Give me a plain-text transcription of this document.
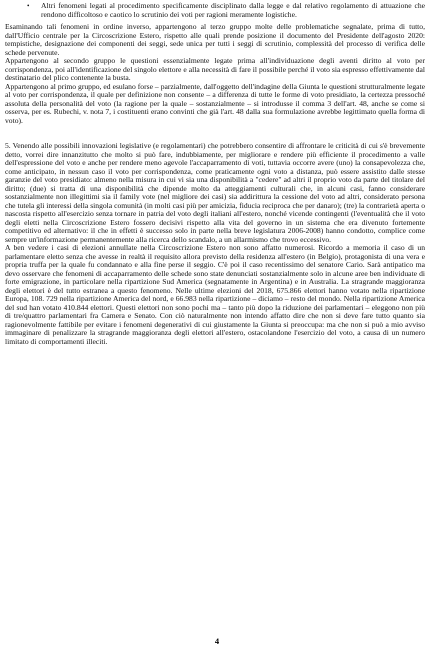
•	Altri fenomeni legati al procedimento specificamente disciplinato dalla legge e dal relativo regolamento di attuazione che rendono difficoltoso e caotico lo scrutinio dei voti per ragioni meramente logistiche.

Esaminando tali fenomeni in ordine inverso, appartengono al terzo gruppo molte delle problematiche segnalate, prima di tutto, dall'Ufficio centrale per la Circoscrizione Estero, rispetto alle quali prende posizione il documento del Presidente dell'agosto 2020: tempistiche, designazione dei componenti dei seggi, sede unica per tutti i seggi di scrutinio, complessità del processo di verifica delle schede pervenute.

Appartengono al secondo gruppo le questioni essenzialmente legate prima all'individuazione degli aventi diritto al voto per corrispondenza, poi all'identificazione del singolo elettore e alla necessità di fare il possibile perché il voto sia espresso effettivamente dal destinatario del plico contenente la busta.

Appartengono al primo gruppo, ed esulano forse – parzialmente, dall'oggetto dell'indagine della Giunta le questioni strutturalmente legate al voto per corrispondenza, il quale per definizione non consente – a differenza di tutte le forme di voto presidiato, la certezza pressoché assoluta della personalità del voto (la ragione per la quale – sostanzialmente – si introdusse il comma 3 dell'art. 48, anche se come si osserva, per es. Rubechi, v. nota 7, i costituenti erano convinti che già l'art. 48 dalla sua formulazione avrebbe legittimato quella forma di voto).

5. Venendo alle possibili innovazioni legislative (e regolamentari) che potrebbero consentire di affrontare le criticità di cui s'è brevemente detto, vorrei dire innanzitutto che molto si può fare, indubbiamente, per migliorare e rendere più efficiente il procedimento a valle dell'espressione del voto e anche per rendere meno agevole l'accaparramento di voti, tuttavia occorre avere (uno) la consapevolezza che, come anticipato, in nessun caso il voto per corrispondenza, come praticamente ogni voto a distanza, può essere assistito dalle stesse garanzie del voto presidiato: almeno nella misura in cui vi sia una disponibilità a "cedere" ad altri il proprio voto da parte del titolare del diritto; (due) si tratta di una disponibilità che dipende molto da atteggiamenti culturali che, in alcuni casi, fanno considerare sostanzialmente non illegittimi sia il family vote (nel migliore dei casi) sia addirittura la cessione del voto ad altri, considerato persona che tutela gli interessi della singola comunità (in molti casi più per amicizia, fiducia reciproca che per danaro); (tre) la contrarietà aperta o nascosta rispetto all'esercizio senza tornare in patria del voto degli italiani all'estero, nonché vicende contingenti (l'eventualità che il voto degli eletti nella Circoscrizione Estero fossero decisivi rispetto alla vita del governo in un sistema che era divenuto fortemente competitivo ed alternativo: il che in effetti è successo solo in parte nella breve legislatura 2006-2008) hanno condotto, complice come sempre un'informazione permanentemente alla ricerca dello scandalo, a un allarmismo che trovo eccessivo.

A ben vedere i casi di elezioni annullate nella Circoscrizione Estero non sono affatto numerosi. Ricordo a memoria il caso di un parlamentare eletto senza che avesse in realtà il requisito allora previsto della residenza all'estero (in Belgio), protagonista di una vera e propria truffa per la quale fu condannato e alla fine perse il seggio. C'è poi il caso recentissimo del senatore Cario. Sarà antipatico ma devo osservare che fenomeni di accaparramento delle schede sono state denunciati sostanzialmente solo in alcune aree ben individuate di forte emigrazione, in particolare nella ripartizione Sud America (segnatamente in Argentina) e in Australia. La stragrande maggioranza degli elettori è del tutto estranea a questo fenomeno. Nelle ultime elezioni del 2018, 675.866 elettori hanno votato nella ripartizione Europa, 108. 729 nella ripartizione America del nord, e 66.983 nella ripartizione – diciamo – resto del mondo. Nella ripartizione America del sud han votato 410.844 elettori. Questi elettori non sono pochi ma – tanto più dopo la riduzione dei parlamentari – eleggono non più di tre/quattro parlamentari fra Camera e Senato. Con ciò naturalmente non intendo affatto dire che non si deve fare tutto quanto sia ragionevolmente fattibile per evitare i fenomeni degenerativi di cui giustamente la Giunta si preoccupa: ma che non si può a mio avviso immaginare di penalizzare la stragrande maggioranza degli elettori all'estero, ostacolandone l'esercizio del voto, a causa di un numero limitato di comportamenti illeciti.

4
